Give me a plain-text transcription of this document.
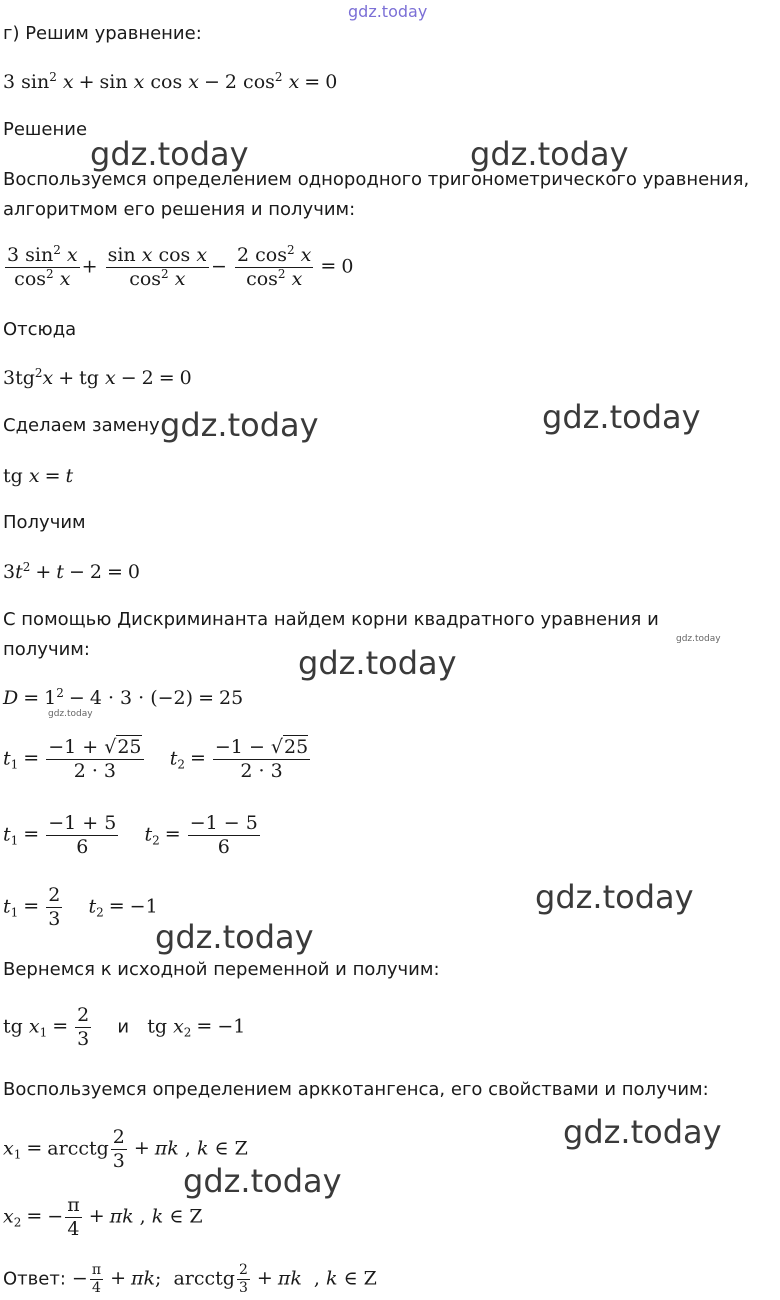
gdz.today
gdz.today	gdz.today
gdz.today	gdz.today
gdz.today
gdz.today
gdz.today
gdz.today
gdz.today
gdz.today
gdz.today
г) Решим уравнение:
3 $\sin^2 x + \sin x$ cos x − 2 $\cos^2 x = 0$
Решение
Воспользуемся определением однородного тригонометрического уравнения,
алгоритмом его решения и получим:
$\frac{3 \sin^2 x}{\cos^2 x} + \frac{\text{sin x cos x}}{\cos^2 x} - \frac{2 \cos^2 x}{\cos^2 x} = 0$
Отсюда
$3tg^2x$ + tg x − 2 = 0
Сделаем замену
tg x = t
Получим
$3t^2 + t - 2 = 0$
С помощью Дискриминанта найдем корни квадратного уравнения и
получим:
$D = 1^2 - 4 \cdot 3 \cdot (-2) = 25$
$t_1 = \frac{-1 + √25}{2 \cdot 3} t_2 = \frac{-1 - √25}{2 \cdot 3}$
$t_1 = \frac{-1 + 5}{6} t_2 = \frac{-1 - 5}{6}$
$t_1 = \frac{2}{3} t_2 = -1$
Вернемся к исходной переменной и получим:
tg $x_1 = \frac{2}{3}$ и   tg $x_2 = -1$
Воспользуемся определением арккотангенса, его свойствами и получим:
$x_1$ = arcctg $\frac{2}{3} + \pi k$ , k ∈ Z
$x_2$ = − $\frac{\pi}{4} + \pi k$ , k ∈ Z
Ответ: − $\frac{\pi}{4} + \pi k$;  arcctg $\frac{2}{3} + \pi k$  , k ∈ Z
